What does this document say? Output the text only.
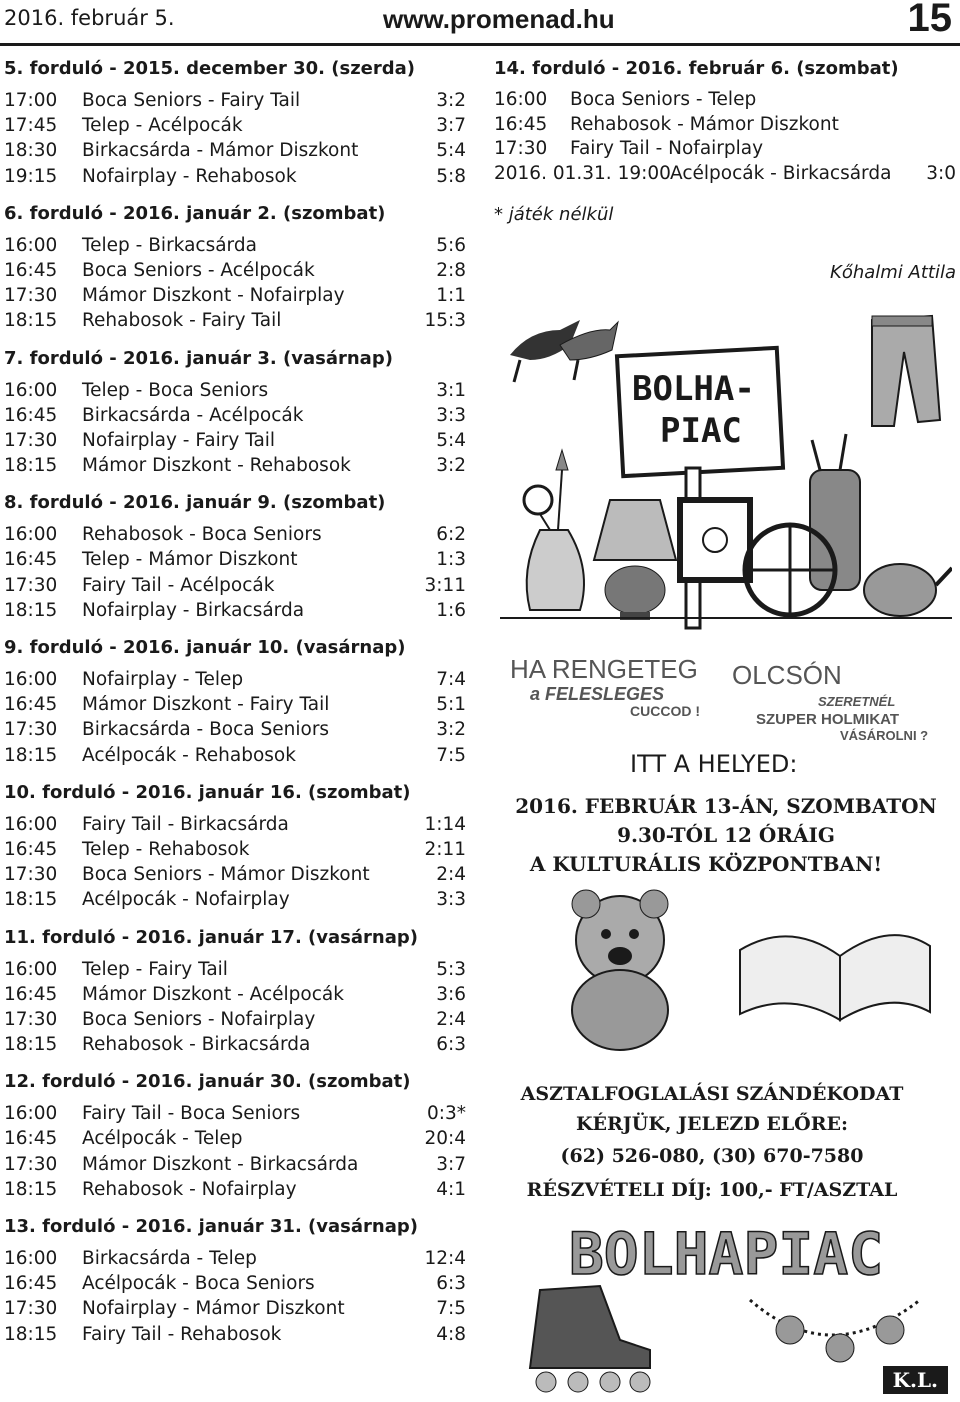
2016. február 5.	www.promenad.hu	15
5. forduló - 2015. december 30. (szerda)
17:00	Boca Seniors - Fairy Tail	3:2
17:45	Telep - Acélpocák	3:7
18:30	Birkacsárda - Mámor Diszkont	5:4
19:15	Nofairplay - Rehabosok	5:8
6. forduló - 2016. január 2. (szombat)
16:00	Telep - Birkacsárda	5:6
16:45	Boca Seniors - Acélpocák	2:8
17:30	Mámor Diszkont - Nofairplay	1:1
18:15	Rehabosok - Fairy Tail	15:3
7. forduló - 2016. január 3. (vasárnap)
16:00	Telep - Boca Seniors	3:1
16:45	Birkacsárda - Acélpocák	3:3
17:30	Nofairplay - Fairy Tail	5:4
18:15	Mámor Diszkont - Rehabosok	3:2
8. forduló - 2016. január 9. (szombat)
16:00	Rehabosok - Boca Seniors	6:2
16:45	Telep - Mámor Diszkont	1:3
17:30	Fairy Tail - Acélpocák	3:11
18:15	Nofairplay - Birkacsárda	1:6
9. forduló - 2016. január 10. (vasárnap)
16:00	Nofairplay - Telep	7:4
16:45	Mámor Diszkont - Fairy Tail	5:1
17:30	Birkacsárda - Boca Seniors	3:2
18:15	Acélpocák - Rehabosok	7:5
10. forduló - 2016. január 16. (szombat)
16:00	Fairy Tail - Birkacsárda	1:14
16:45	Telep - Rehabosok	2:11
17:30	Boca Seniors - Mámor Diszkont	2:4
18:15	Acélpocák - Nofairplay	3:3
11. forduló - 2016. január 17. (vasárnap)
16:00	Telep - Fairy Tail	5:3
16:45	Mámor Diszkont - Acélpocák	3:6
17:30	Boca Seniors - Nofairplay	2:4
18:15	Rehabosok - Birkacsárda	6:3
12. forduló - 2016. január 30. (szombat)
16:00	Fairy Tail - Boca Seniors	0:3*
16:45	Acélpocák - Telep	20:4
17:30	Mámor Diszkont - Birkacsárda	3:7
18:15	Rehabosok - Nofairplay	4:1
13. forduló - 2016. január 31. (vasárnap)
16:00	Birkacsárda - Telep	12:4
16:45	Acélpocák - Boca Seniors	6:3
17:30	Nofairplay - Mámor Diszkont	7:5
18:15	Fairy Tail - Rehabosok	4:8
14. forduló - 2016. február 6. (szombat)
16:00	Boca Seniors - Telep
16:45	Rehabosok - Mámor Diszkont
17:30	Fairy Tail - Nofairplay
2016. 01.31. 19:00 Acélpocák - Birkacsárda	3:0
* játék nélkül
Kőhalmi Attila
BOLHA-
PIAC
HA RENGETEG
a FELESLEGES
CUCCOD !
OLCSÓN
SZERETNÉL
SZUPER HOLMIKAT
VÁSÁROLNI ?
ITT A HELYED:
2016. FEBRUÁR 13-ÁN, SZOMBATON
9.30-TÓL 12 ÓRÁIG
A KULTURÁLIS KÖZPONTBAN!
ASZTALFOGLALÁSI SZÁNDÉKODAT
KÉRJÜK, JELEZD ELŐRE:
(62) 526-080, (30) 670-7580
RÉSZVÉTELI DÍJ: 100,- FT/ASZTAL
BOLHAPIAC
K.L.
